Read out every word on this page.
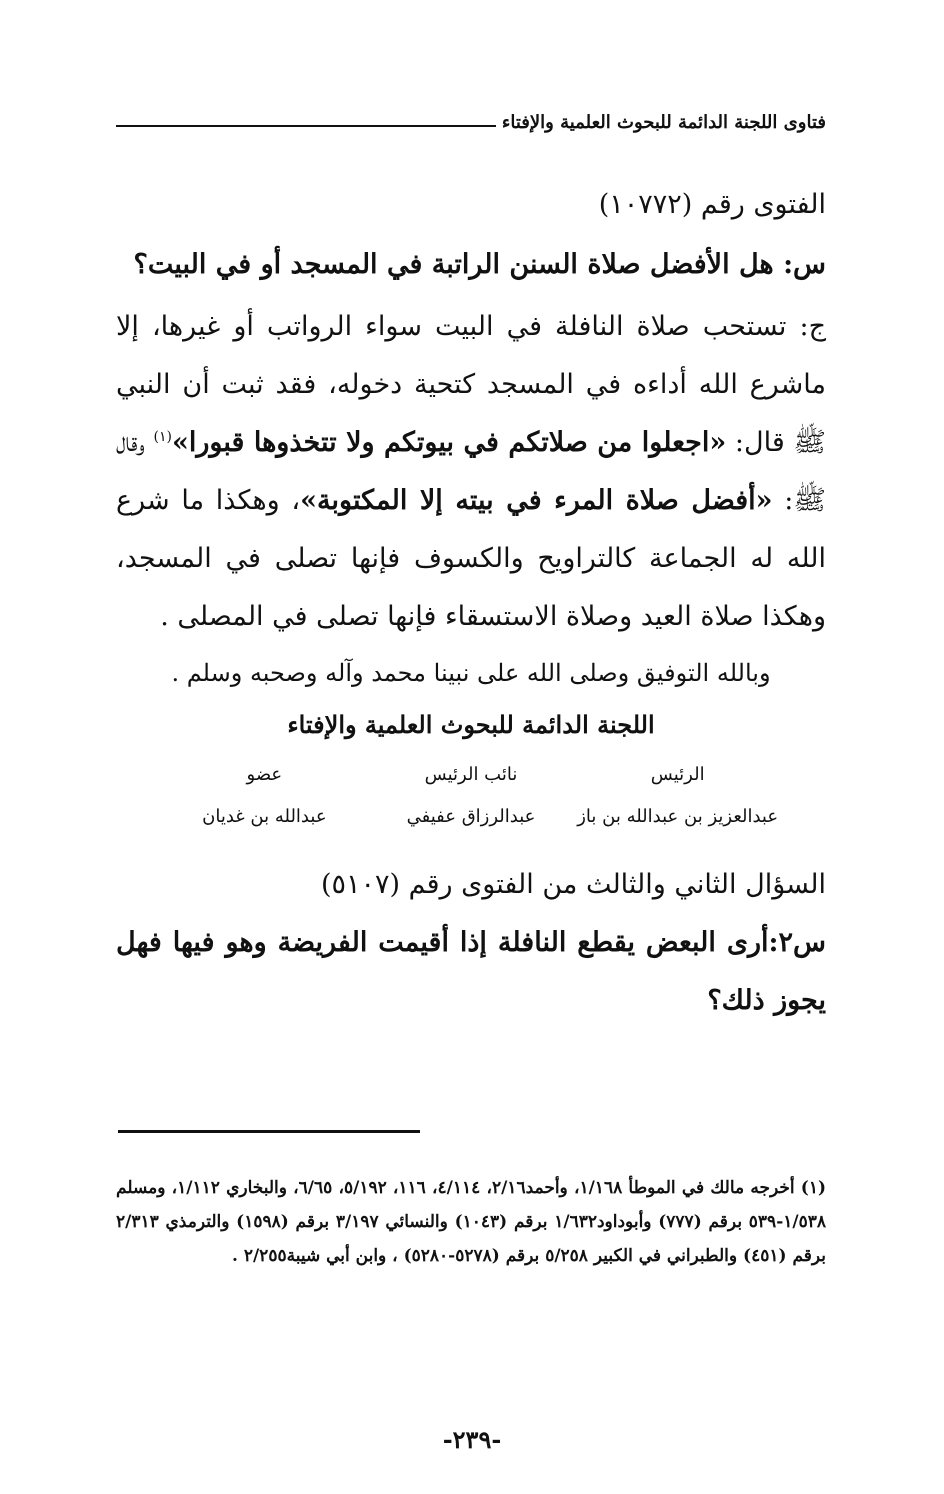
فتاوى اللجنة الدائمة للبحوث العلمية والإفتاء

الفتوى رقم (١٠٧٧٢)

س: هل الأفضل صلاة السنن الراتبة في المسجد أو في البيت؟

ج: تستحب صلاة النافلة في البيت سواء الرواتب أو غيرها، إلا ماشرع الله أداءه في المسجد كتحية دخوله، فقد ثبت أن النبي ﷺ قال: «اجعلوا من صلاتكم في بيوتكم ولا تتخذوها قبورا»$^{(١)}$ وقال ﷺ: «أفضل صلاة المرء في بيته إلا المكتوبة»، وهكذا ما شرع الله له الجماعة كالتراويح والكسوف فإنها تصلى في المسجد، وهكذا صلاة العيد وصلاة الاستسقاء فإنها تصلى في المصلى .

وبالله التوفيق وصلى الله على نبينا محمد وآله وصحبه وسلم .

اللجنة الدائمة للبحوث العلمية والإفتاء

الرئيس	نائب الرئيس	عضو
عبدالعزيز بن عبدالله بن باز	عبدالرزاق عفيفي	عبدالله بن غديان

السؤال الثاني والثالث من الفتوى رقم (٥١٠٧)

س٢:أرى البعض يقطع النافلة إذا أقيمت الفريضة وهو فيها فهل يجوز ذلك؟

(١) أخرجه مالك في الموطأ ١/١٦٨، وأحمد٢/١٦، ٤/١١٤، ١١٦، ٥/١٩٢، ٦/٦٥، والبخاري ١/١١٢، ومسلم ١/٥٣٨-٥٣٩ برقم (٧٧٧) وأبوداود١/٦٣٢ برقم (١٠٤٣) والنسائي ٣/١٩٧ برقم (١٥٩٨) والترمذي ٢/٣١٣ برقم (٤٥١) والطبراني في الكبير ٥/٢٥٨ برقم (٥٢٧٨-٥٢٨٠) ، وابن أبي شيبة٢/٢٥٥ .

-٢٣٩-
